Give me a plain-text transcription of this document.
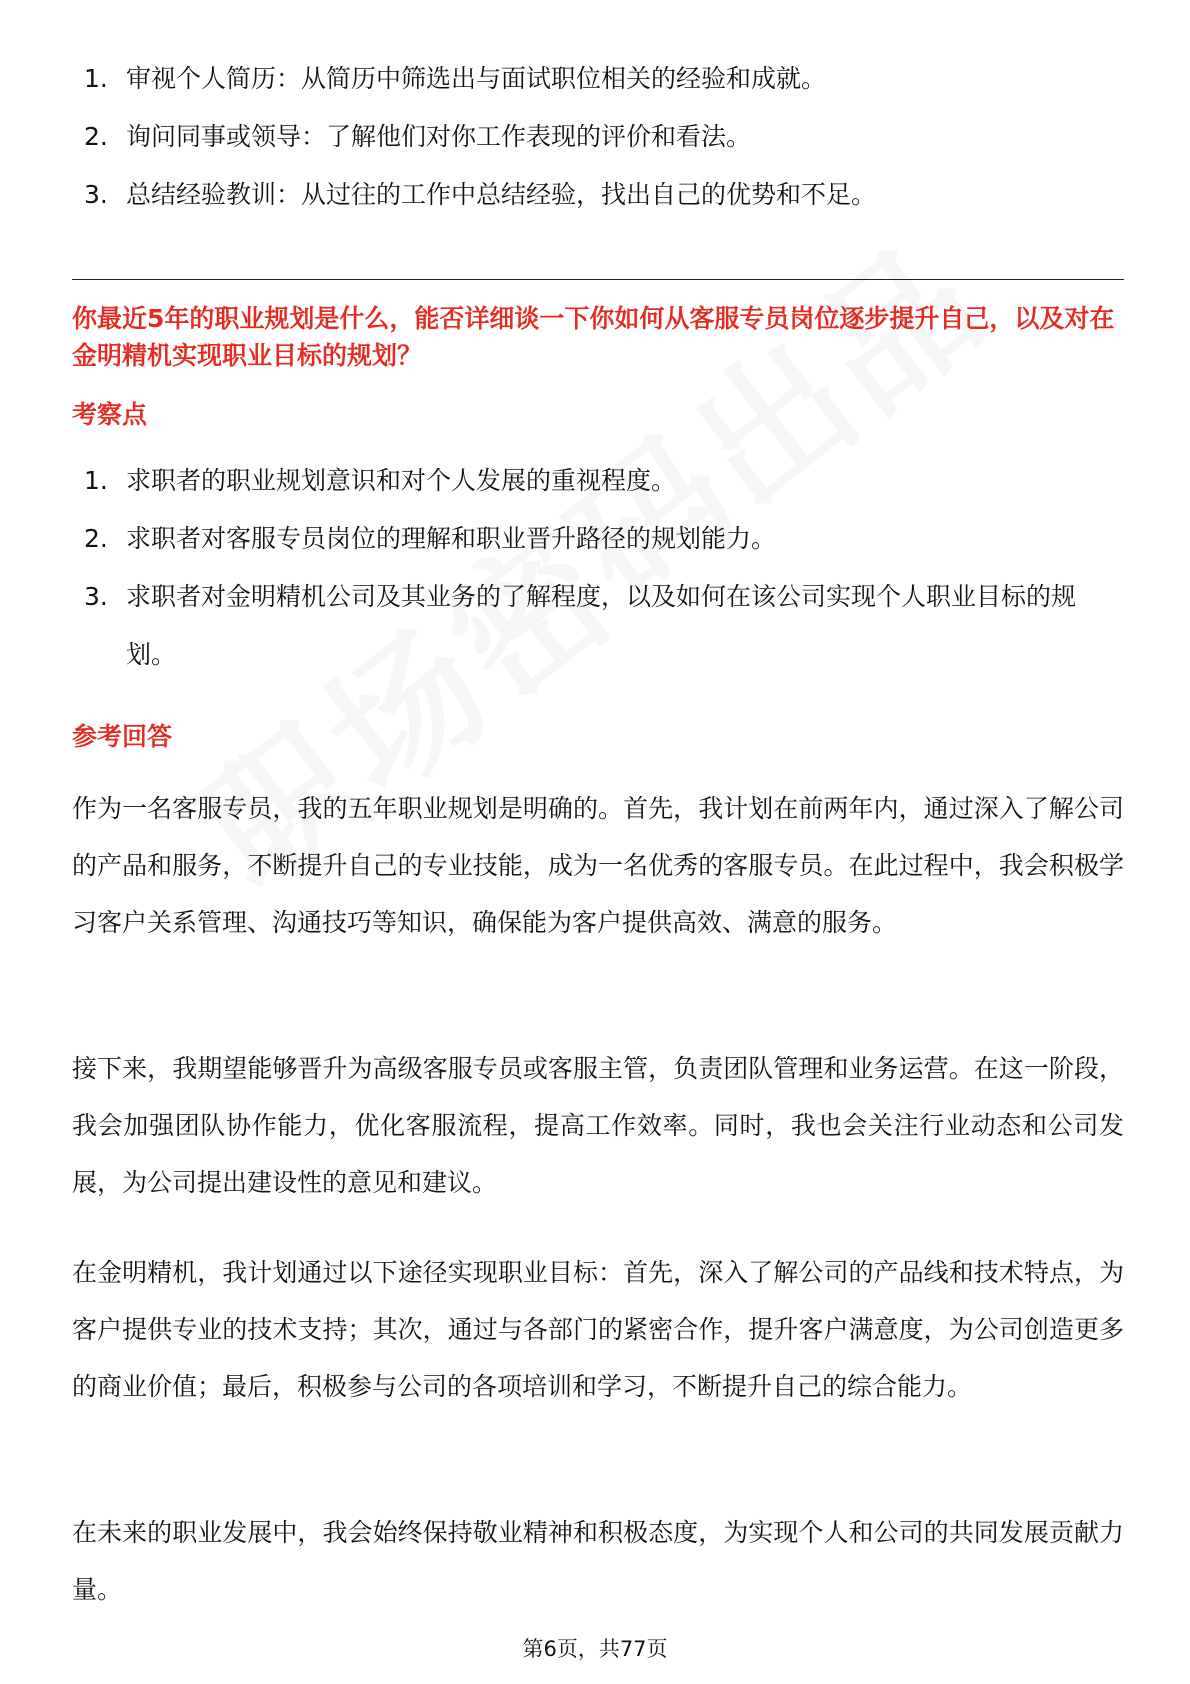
1. 审视个人简历：从简历中筛选出与面试职位相关的经验和成就。
2. 询问同事或领导：了解他们对你工作表现的评价和看法。
3. 总结经验教训：从过往的工作中总结经验，找出自己的优势和不足。
你最近5年的职业规划是什么，能否详细谈一下你如何从客服专员岗位逐步提升自己，以及对在金明精机实现职业目标的规划？
考察点
1. 求职者的职业规划意识和对个人发展的重视程度。
2. 求职者对客服专员岗位的理解和职业晋升路径的规划能力。
3. 求职者对金明精机公司及其业务的了解程度，以及如何在该公司实现个人职业目标的规划。
参考回答

作为一名客服专员，我的五年职业规划是明确的。首先，我计划在前两年内，通过深入了解公司的产品和服务，不断提升自己的专业技能，成为一名优秀的客服专员。在此过程中，我会积极学习客户关系管理、沟通技巧等知识，确保能为客户提供高效、满意的服务。

接下来，我期望能够晋升为高级客服专员或客服主管，负责团队管理和业务运营。在这一阶段，我会加强团队协作能力，优化客服流程，提高工作效率。同时，我也会关注行业动态和公司发展，为公司提出建设性的意见和建议。

在金明精机，我计划通过以下途径实现职业目标：首先，深入了解公司的产品线和技术特点，为客户提供专业的技术支持；其次，通过与各部门的紧密合作，提升客户满意度，为公司创造更多的商业价值；最后，积极参与公司的各项培训和学习，不断提升自己的综合能力。

在未来的职业发展中，我会始终保持敬业精神和积极态度，为实现个人和公司的共同发展贡献力量。

第6页，共77页
